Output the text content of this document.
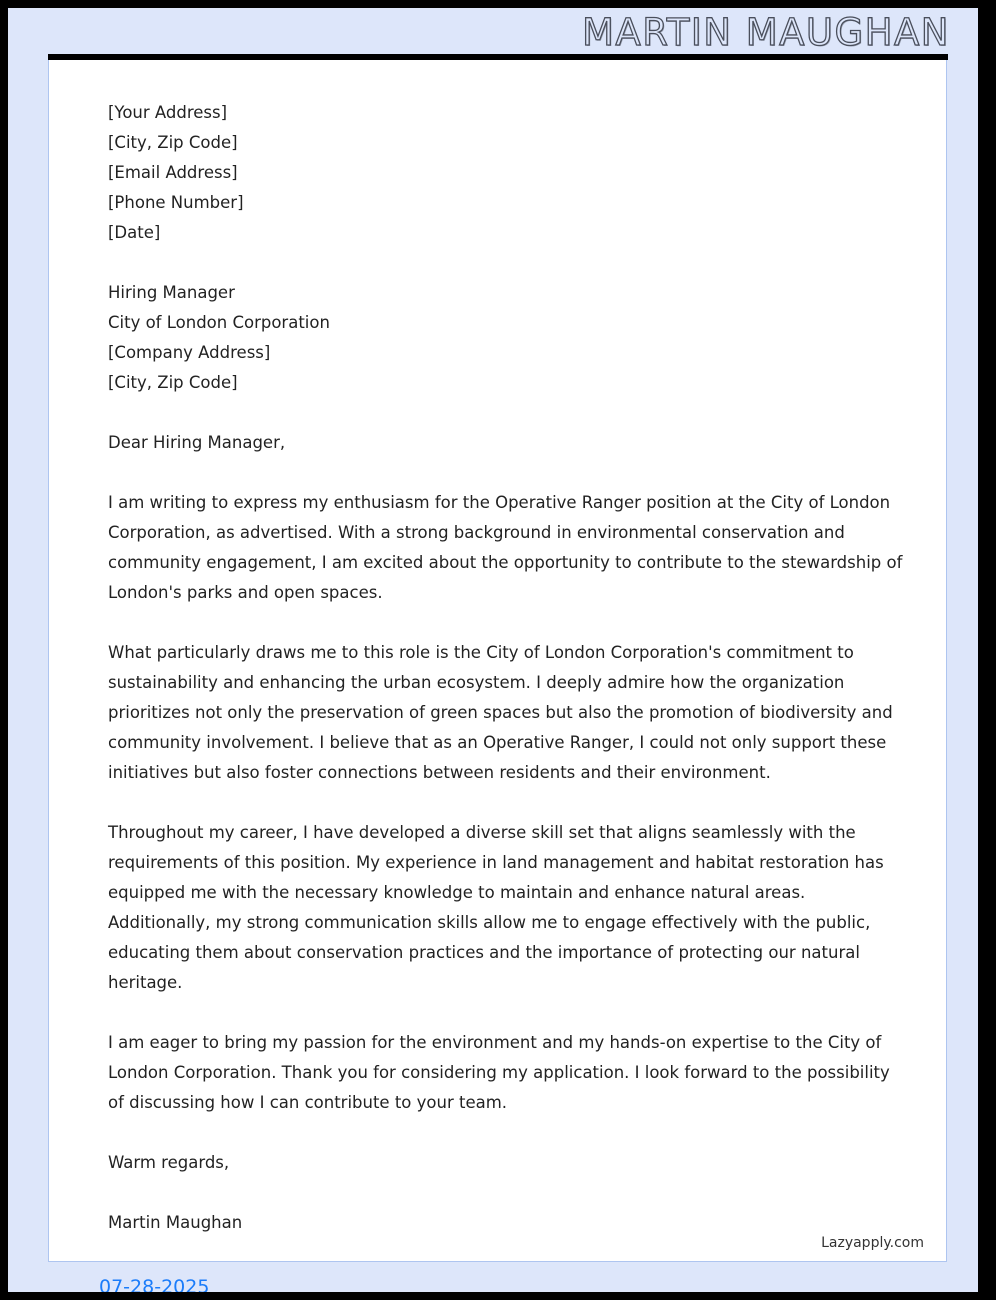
MARTIN MAUGHAN
[Your Address]
[City, Zip Code]
[Email Address]
[Phone Number]
[Date]
Hiring Manager
City of London Corporation
[Company Address]
[City, Zip Code]

Dear Hiring Manager,

I am writing to express my enthusiasm for the Operative Ranger position at the City of London Corporation, as advertised. With a strong background in environmental conservation and community engagement, I am excited about the opportunity to contribute to the stewardship of London's parks and open spaces.

What particularly draws me to this role is the City of London Corporation's commitment to sustainability and enhancing the urban ecosystem. I deeply admire how the organization prioritizes not only the preservation of green spaces but also the promotion of biodiversity and community involvement. I believe that as an Operative Ranger, I could not only support these initiatives but also foster connections between residents and their environment.

Throughout my career, I have developed a diverse skill set that aligns seamlessly with the requirements of this position. My experience in land management and habitat restoration has equipped me with the necessary knowledge to maintain and enhance natural areas. Additionally, my strong communication skills allow me to engage effectively with the public, educating them about conservation practices and the importance of protecting our natural heritage.

I am eager to bring my passion for the environment and my hands-on expertise to the City of London Corporation. Thank you for considering my application. I look forward to the possibility of discussing how I can contribute to your team.

Warm regards,

Martin Maughan

Lazyapply.com
07-28-2025
